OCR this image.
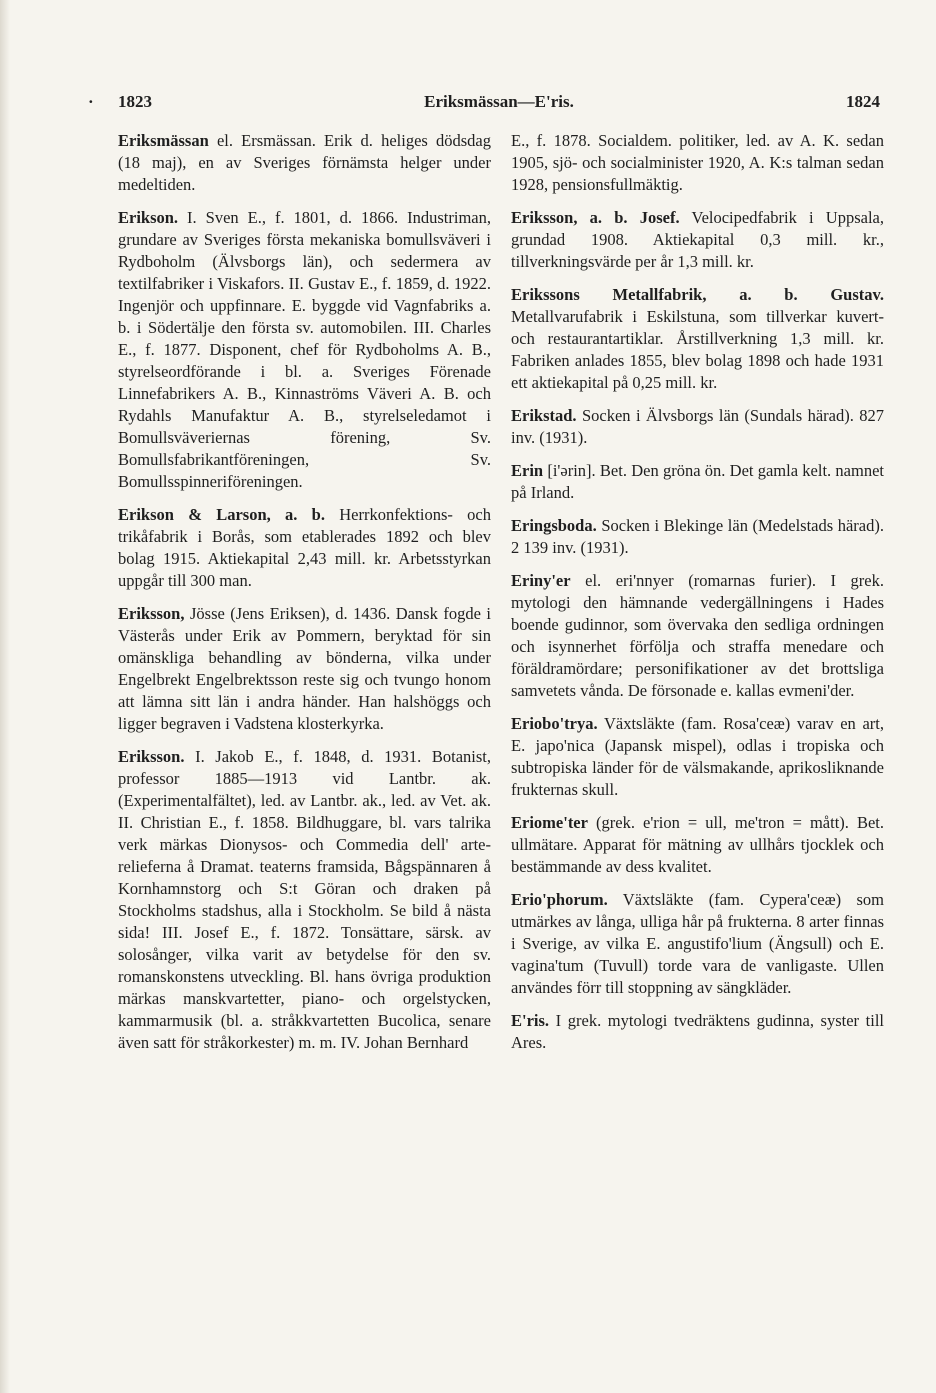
· 1823	Eriksmässan—E'ris.	1824

Eriksmässan el. Ersmässan. Erik d. heliges dödsdag (18 maj), en av Sveriges förnämsta helger under medeltiden.

Erikson. I. Sven E., f. 1801, d. 1866. Industriman, grundare av Sveriges första mekaniska bomullsväveri i Rydboholm (Älvsborgs län), och sedermera av textilfabriker i Viskafors. II. Gustav E., f. 1859, d. 1922. Ingenjör och uppfinnare. E. byggde vid Vagnfabriks a. b. i Södertälje den första sv. automobilen. III. Charles E., f. 1877. Disponent, chef för Rydboholms A. B., styrelseordförande i bl. a. Sveriges Förenade Linnefabrikers A. B., Kinnaströms Väveri A. B. och Rydahls Manufaktur A. B., styrelseledamot i Bomullsväveriernas förening, Sv. Bomullsfabrikantföreningen, Sv. Bomullsspinneriföreningen.

Erikson & Larson, a. b. Herrkonfektions- och trikåfabrik i Borås, som etablerades 1892 och blev bolag 1915. Aktiekapital 2,43 mill. kr. Arbetsstyrkan uppgår till 300 man.

Eriksson, Jösse (Jens Eriksen), d. 1436. Dansk fogde i Västerås under Erik av Pommern, beryktad för sin omänskliga behandling av bönderna, vilka under Engelbrekt Engelbrektsson reste sig och tvungo honom att lämna sitt län i andra händer. Han halshöggs och ligger begraven i Vadstena klosterkyrka.

Eriksson. I. Jakob E., f. 1848, d. 1931. Botanist, professor 1885—1913 vid Lantbr. ak. (Experimentalfältet), led. av Lantbr. ak., led. av Vet. ak. II. Christian E., f. 1858. Bildhuggare, bl. vars talrika verk märkas Dionysos- och Commedia dell' arte-relieferna å Dramat. teaterns framsida, Bågspännaren å Kornhamnstorg och S:t Göran och draken på Stockholms stadshus, alla i Stockholm. Se bild å nästa sida! III. Josef E., f. 1872. Tonsättare, särsk. av solosånger, vilka varit av betydelse för den sv. romanskonstens utveckling. Bl. hans övriga produktion märkas manskvartetter, piano- och orgelstycken, kammarmusik (bl. a. stråkkvartetten Bucolica, senare även satt för stråkorkester) m. m. IV. Johan Bernhard

E., f. 1878. Socialdem. politiker, led. av A. K. sedan 1905, sjö- och socialminister 1920, A. K:s talman sedan 1928, pensionsfullmäktig.

Eriksson, a. b. Josef. Velocipedfabrik i Uppsala, grundad 1908. Aktiekapital 0,3 mill. kr., tillverkningsvärde per år 1,3 mill. kr.

Erikssons Metallfabrik, a. b. Gustav. Metallvarufabrik i Eskilstuna, som tillverkar kuvert- och restaurantartiklar. Årstillverkning 1,3 mill. kr. Fabriken anlades 1855, blev bolag 1898 och hade 1931 ett aktiekapital på 0,25 mill. kr.

Erikstad. Socken i Älvsborgs län (Sundals härad). 827 inv. (1931).

Erin [i'ərin]. Bet. Den gröna ön. Det gamla kelt. namnet på Irland.

Eringsboda. Socken i Blekinge län (Medelstads härad). 2 139 inv. (1931).

Eriny'er el. eri'nnyer (romarnas furier). I grek. mytologi den hämnande vedergällningens i Hades boende gudinnor, som övervaka den sedliga ordningen och isynnerhet förfölja och straffa menedare och föräldramördare; personifikationer av det brottsliga samvetets vånda. De försonade e. kallas evmeni'der.

Eriobo'trya. Växtsläkte (fam. Rosa'ceæ) varav en art, E. japo'nica (Japansk mispel), odlas i tropiska och subtropiska länder för de välsmakande, aprikosliknande frukternas skull.

Eriome'ter (grek. e'rion = ull, me'tron = mått). Bet. ullmätare. Apparat för mätning av ullhårs tjocklek och bestämmande av dess kvalitet.

Erio'phorum. Växtsläkte (fam. Cypera'ceæ) som utmärkes av långa, ulliga hår på frukterna. 8 arter finnas i Sverige, av vilka E. angustifo'lium (Ängsull) och E. vagina'tum (Tuvull) torde vara de vanligaste. Ullen användes förr till stoppning av sängkläder.

E'ris. I grek. mytologi tvedräktens gudinna, syster till Ares.
